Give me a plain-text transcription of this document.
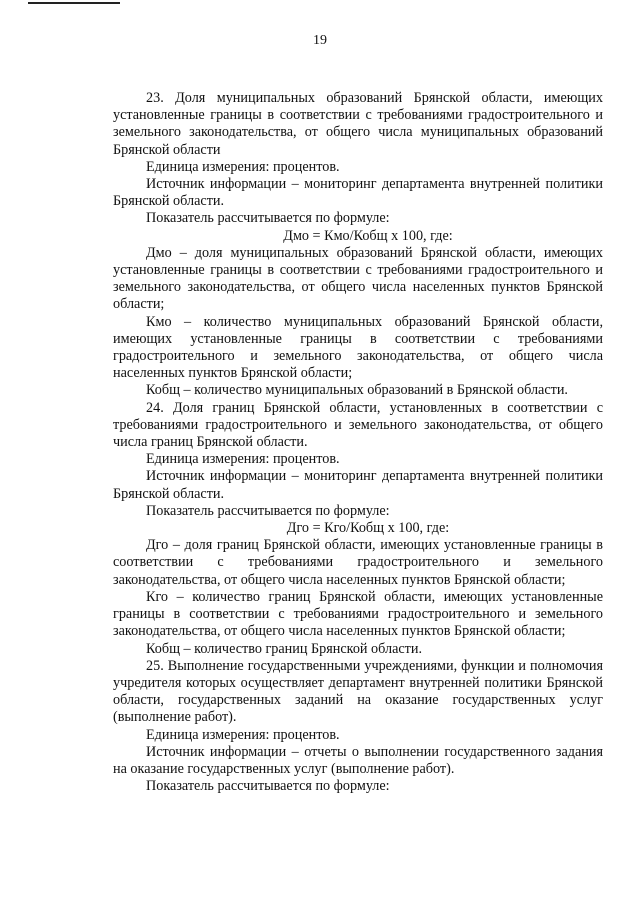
19

23. Доля муниципальных образований Брянской области, имеющих установленные границы в соответствии с требованиями градостроительного и земельного законодательства, от общего числа муниципальных образований Брянской области

Единица измерения: процентов.

Источник информации – мониторинг департамента внутренней политики Брянской области.

Показатель рассчитывается по формуле:

Дмо = Кмо/Кобщ х 100, где:

Дмо – доля муниципальных образований Брянской области, имеющих установленные границы в соответствии с требованиями градостроительного и земельного законодательства, от общего числа населенных пунктов Брянской области;

Кмо – количество муниципальных образований Брянской области, имеющих установленные границы в соответствии с требованиями градостроительного и земельного законодательства, от общего числа населенных пунктов Брянской области;

Кобщ – количество муниципальных образований в Брянской области.

24. Доля границ Брянской области, установленных в соответствии с требованиями градостроительного и земельного законодательства, от общего числа границ Брянской области.

Единица измерения: процентов.

Источник информации – мониторинг департамента внутренней политики Брянской области.

Показатель рассчитывается по формуле:

Дго = Кго/Кобщ х 100, где:

Дго – доля границ Брянской области, имеющих установленные границы в соответствии с требованиями градостроительного и земельного законодательства, от общего числа населенных пунктов Брянской области;

Кго – количество границ Брянской области, имеющих установленные границы в соответствии с требованиями градостроительного и земельного законодательства, от общего числа населенных пунктов Брянской области;

Кобщ – количество границ Брянской области.

25. Выполнение государственными учреждениями, функции и полномочия учредителя которых осуществляет департамент внутренней политики Брянской области, государственных заданий на оказание государственных услуг (выполнение работ).

Единица измерения: процентов.

Источник информации – отчеты о выполнении государственного задания на оказание государственных услуг (выполнение работ).

Показатель рассчитывается по формуле:
